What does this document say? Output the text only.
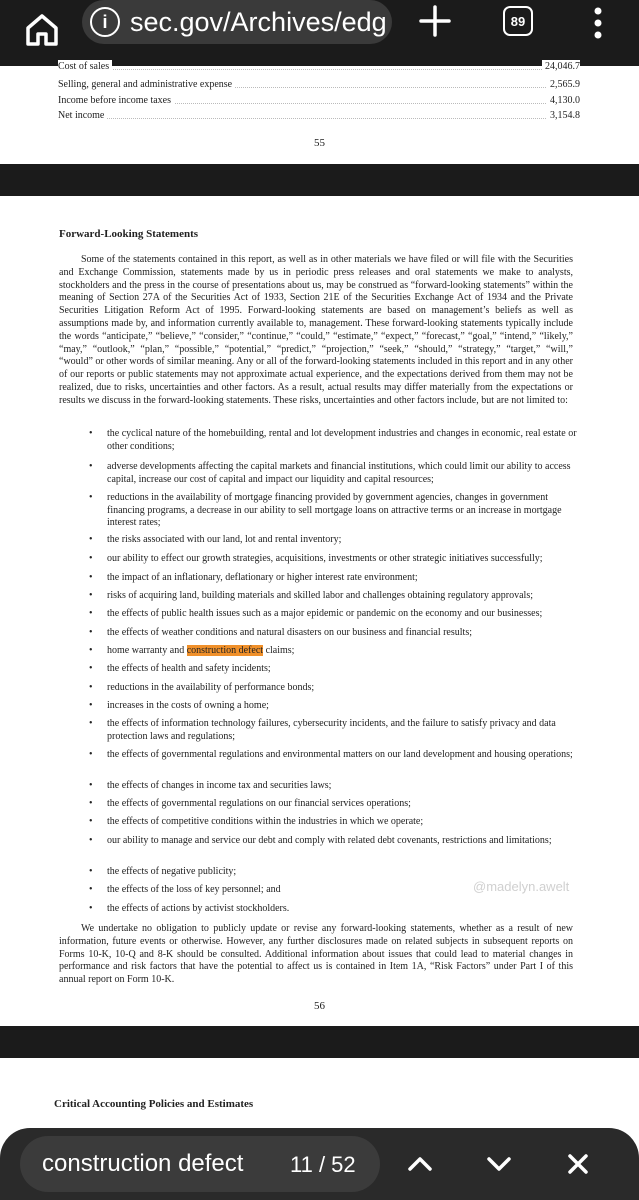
i sec.gov/Archives/edg	89
Cost of sales	24,046.7
Selling, general and administrative expense	2,565.9
Income before income taxes	4,130.0
Net income	3,154.8
55
Forward-Looking Statements

Some of the statements contained in this report, as well as in other materials we have filed or will file with the Securities and Exchange Commission, statements made by us in periodic press releases and oral statements we make to analysts, stockholders and the press in the course of presentations about us, may be construed as “forward-looking statements” within the meaning of Section 27A of the Securities Act of 1933, Section 21E of the Securities Exchange Act of 1934 and the Private Securities Litigation Reform Act of 1995. Forward-looking statements are based on management’s beliefs as well as assumptions made by, and information currently available to, management. These forward-looking statements typically include the words “anticipate,” “believe,” “consider,” “continue,” “could,” “estimate,” “expect,” “forecast,” “goal,” “intend,” “likely,” “may,” “outlook,” “plan,” “possible,” “potential,” “predict,” “projection,” “seek,” “should,” “strategy,” “target,” “will,” “would” or other words of similar meaning. Any or all of the forward-looking statements included in this report and in any other of our reports or public statements may not approximate actual experience, and the expectations derived from them may not be realized, due to risks, uncertainties and other factors. As a result, actual results may differ materially from the expectations or results we discuss in the forward-looking statements. These risks, uncertainties and other factors include, but are not limited to:

• the cyclical nature of the homebuilding, rental and lot development industries and changes in economic, real estate or other conditions;
• adverse developments affecting the capital markets and financial institutions, which could limit our ability to access capital, increase our cost of capital and impact our liquidity and capital resources;
• reductions in the availability of mortgage financing provided by government agencies, changes in government financing programs, a decrease in our ability to sell mortgage loans on attractive terms or an increase in mortgage interest rates;
• the risks associated with our land, lot and rental inventory;
• our ability to effect our growth strategies, acquisitions, investments or other strategic initiatives successfully;
• the impact of an inflationary, deflationary or higher interest rate environment;
• risks of acquiring land, building materials and skilled labor and challenges obtaining regulatory approvals;
• the effects of public health issues such as a major epidemic or pandemic on the economy and our businesses;
• the effects of weather conditions and natural disasters on our business and financial results;
• home warranty and construction defect claims;
• the effects of health and safety incidents;
• reductions in the availability of performance bonds;
• increases in the costs of owning a home;
• the effects of information technology failures, cybersecurity incidents, and the failure to satisfy privacy and data protection laws and regulations;
• the effects of governmental regulations and environmental matters on our land development and housing operations;
• the effects of changes in income tax and securities laws;
• the effects of governmental regulations on our financial services operations;
• the effects of competitive conditions within the industries in which we operate;
• our ability to manage and service our debt and comply with related debt covenants, restrictions and limitations;
• the effects of negative publicity;
• the effects of the loss of key personnel; and
• the effects of actions by activist stockholders.
@madelyn.awelt

We undertake no obligation to publicly update or revise any forward-looking statements, whether as a result of new information, future events or otherwise. However, any further disclosures made on related subjects in subsequent reports on Forms 10-K, 10-Q and 8-K should be consulted. Additional information about issues that could lead to material changes in performance and risk factors that have the potential to affect us is contained in Item 1A, “Risk Factors” under Part I of this annual report on Form 10-K.

56
Critical Accounting Policies and Estimates
construction defect
11 / 52
